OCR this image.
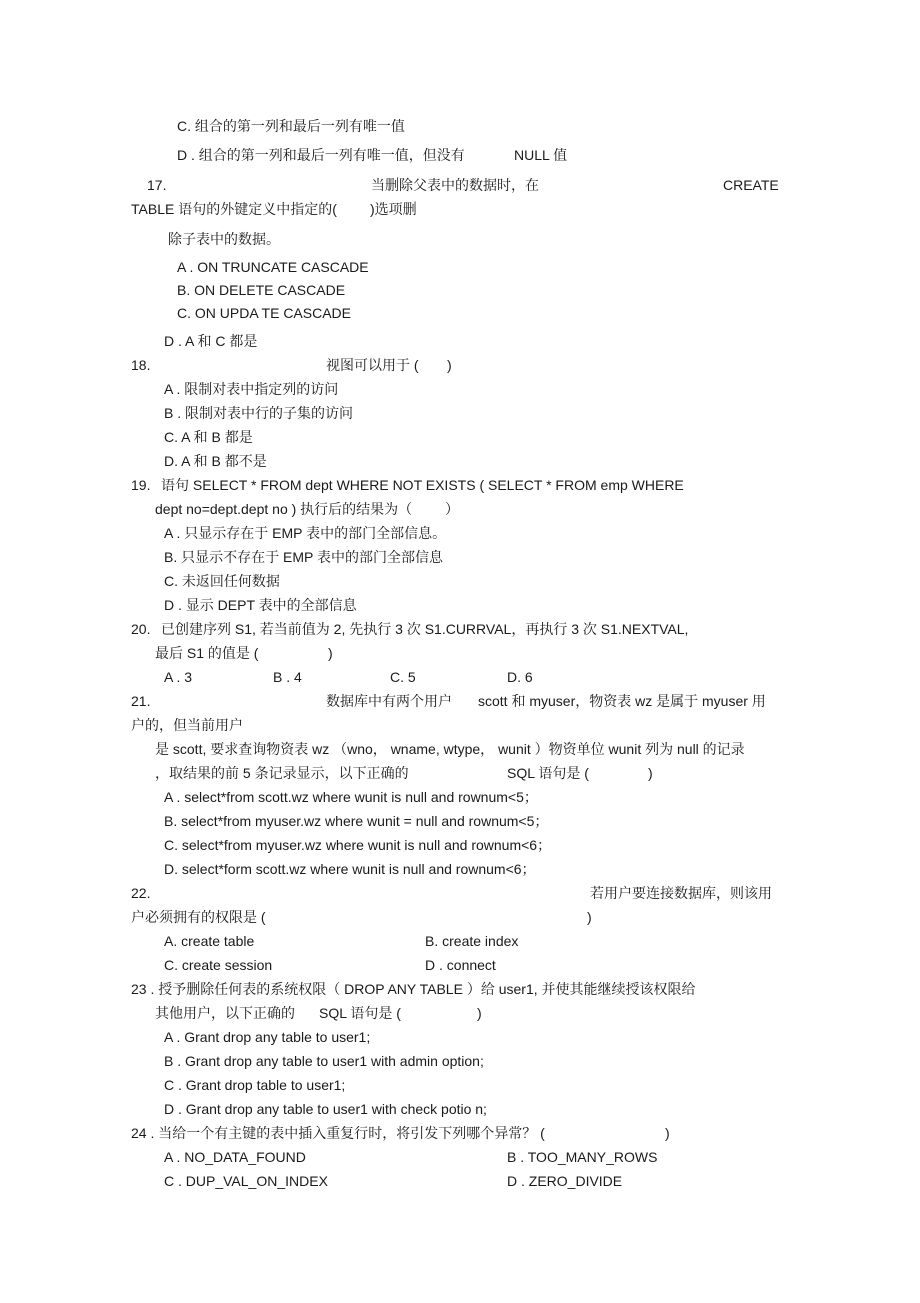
C. 组合的第一列和最后一列有唯一值
D . 组合的第一列和最后一列有唯一值，但没有	NULL 值
17.	当删除父表中的数据时，在	CREATE
TABLE 语句的外键定义中指定的( )选项删
除子表中的数据。
A . ON TRUNCATE CASCADE
B. ON DELETE CASCADE
C. ON UPDA TE CASCADE
D . A 和 C 都是
18.	视图可以用于 ( )
A . 限制对表中指定列的访问
B . 限制对表中行的子集的访问
C. A 和 B 都是
D. A 和 B 都不是
19. 语句 SELECT * FROM dept WHERE NOT EXISTS ( SELECT * FROM emp WHERE
dept no=dept.dept no ) 执行后的结果为（ ）
A . 只显示存在于 EMP 表中的部门全部信息。
B. 只显示不存在于 EMP 表中的部门全部信息
C. 未返回任何数据
D . 显示 DEPT 表中的全部信息
20. 已创建序列 S1, 若当前值为 2, 先执行 3 次 S1.CURRVAL，再执行 3 次 S1.NEXTVAL,
最后 S1 的值是 (	)
A . 3	B . 4	C. 5	D. 6
21.	数据库中有两个用户 scott 和 myuser，物资表 wz 是属于 myuser 用
户的，但当前用户
是 scott, 要求查询物资表 wz （wno， wname, wtype， wunit ）物资单位 wunit 列为 null 的记录
，取结果的前 5 条记录显示，以下正确的	SQL 语句是 (	)
A . select*from scott.wz where wunit is null and rownum<5；
B. select*from myuser.wz where wunit = null and rownum<5；
C. select*from myuser.wz where wunit is null and rownum<6；
D. select*form scott.wz where wunit is null and rownum<6；
22.	若用户要连接数据库，则该用
户必须拥有的权限是 (	)
A. create table	B. create index
C. create session	D . connect
23 . 授予删除任何表的系统权限（ DROP ANY TABLE ）给 user1, 并使其能继续授该权限给
其他用户，以下正确的 SQL 语句是 (	)
A . Grant drop any table to user1;
B . Grant drop any table to user1 with admin option;
C . Grant drop table to user1;
D . Grant drop any table to user1 with check potio n;
24 . 当给一个有主键的表中插入重复行时，将引发下列哪个异常？ (	)
A . NO_DATA_FOUND	B . TOO_MANY_ROWS
C . DUP_VAL_ON_INDEX	D . ZERO_DIVIDE
